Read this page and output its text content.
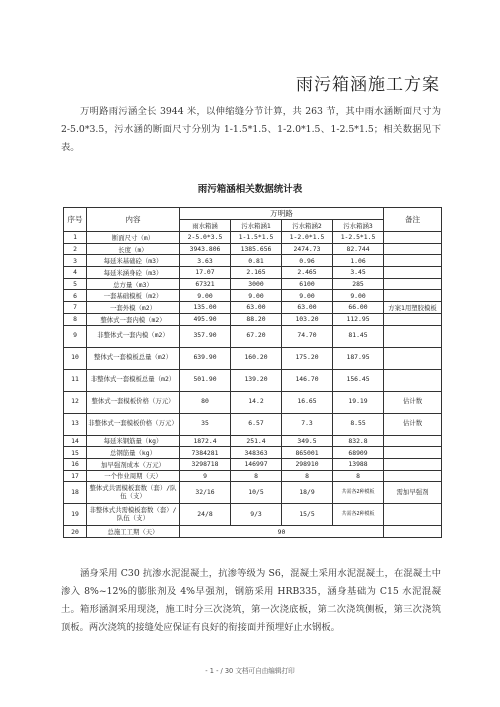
雨污箱涵施工方案
万明路雨污涵全长 3944 米，以伸缩缝分节计算，共 263 节，其中雨水涵断面尺寸为 2-5.0*3.5，污水涵的断面尺寸分别为 1-1.5*1.5、1-2.0*1.5、1-2.5*1.5；相关数据见下表。
雨污箱涵相关数据统计表
序号	内容	万明路				备注
		雨水箱涵	污水箱涵1	污水箱涵2	污水箱涵3	
1	断面尺寸（m）	2-5.0*3.5	1-1.5*1.5	1-2.0*1.5	1-2.5*1.5	
2	长度（m）	3943.806	1385.656	2474.73	82.744	
3	每延米基础砼（m3）	3.63	0.81	0.96	1.06	
4	每延米涵身砼（m3）	17.07	2.165	2.465	3.45	
5	总方量（m3）	67321	3000	6100	285	
6	一套基础模板（m2）	9.00	9.00	9.00	9.00	
7	一套外模（m2）	135.00	63.00	63.00	66.00	方案1用塑胶模板
8	整体式一套内模（m2）	495.90	88.20	103.20	112.95	
9	非整体式一套内模（m2）	357.90	67.20	74.70	81.45	
10	整体式一套模板总量（m2）	639.90	160.20	175.20	187.95	
11	非整体式一套模板总量（m2）	501.90	139.20	146.70	156.45	
12	整体式一套模板价格（万元）	80	14.2	16.65	19.19	估计数
13	非整体式一套模板价格（万元）	35	6.57	7.3	8.55	估计数
14	每延米钢筋量（kg）	1872.4	251.4	349.5	832.8	
15	总钢筋量（kg）	7384281	348363	865001	68909	
16	加早强剂成本（万元）	3298718	146997	298910	13988	
17	一个作业周期（天）	9	8	8	8	
18	整体式共需模板套数（套）/队伍（支）	32/16	10/5	18/9	共需各2种模板	需加早强剂
19	非整体式共需模板套数（套）/队伍（支）	24/8	9/3	15/5	共需各2种模板	
20	总施工工期（天）	90				
涵身采用 C30 抗渗水泥混凝土，抗渗等级为 S6，混凝土采用水泥混凝土，在混凝土中渗入 8%~12%的膨胀剂及 4%早强剂，钢筋采用 HRB335，涵身基础为 C15 水泥混凝土。箱形涵洞采用现浇，施工时分三次浇筑，第一次浇底板，第二次浇筑侧板，第三次浇筑顶板。两次浇筑的接缝处应保证有良好的衔接面并预埋好止水钢板。
- 1 - / 30 文档可自由编辑打印
